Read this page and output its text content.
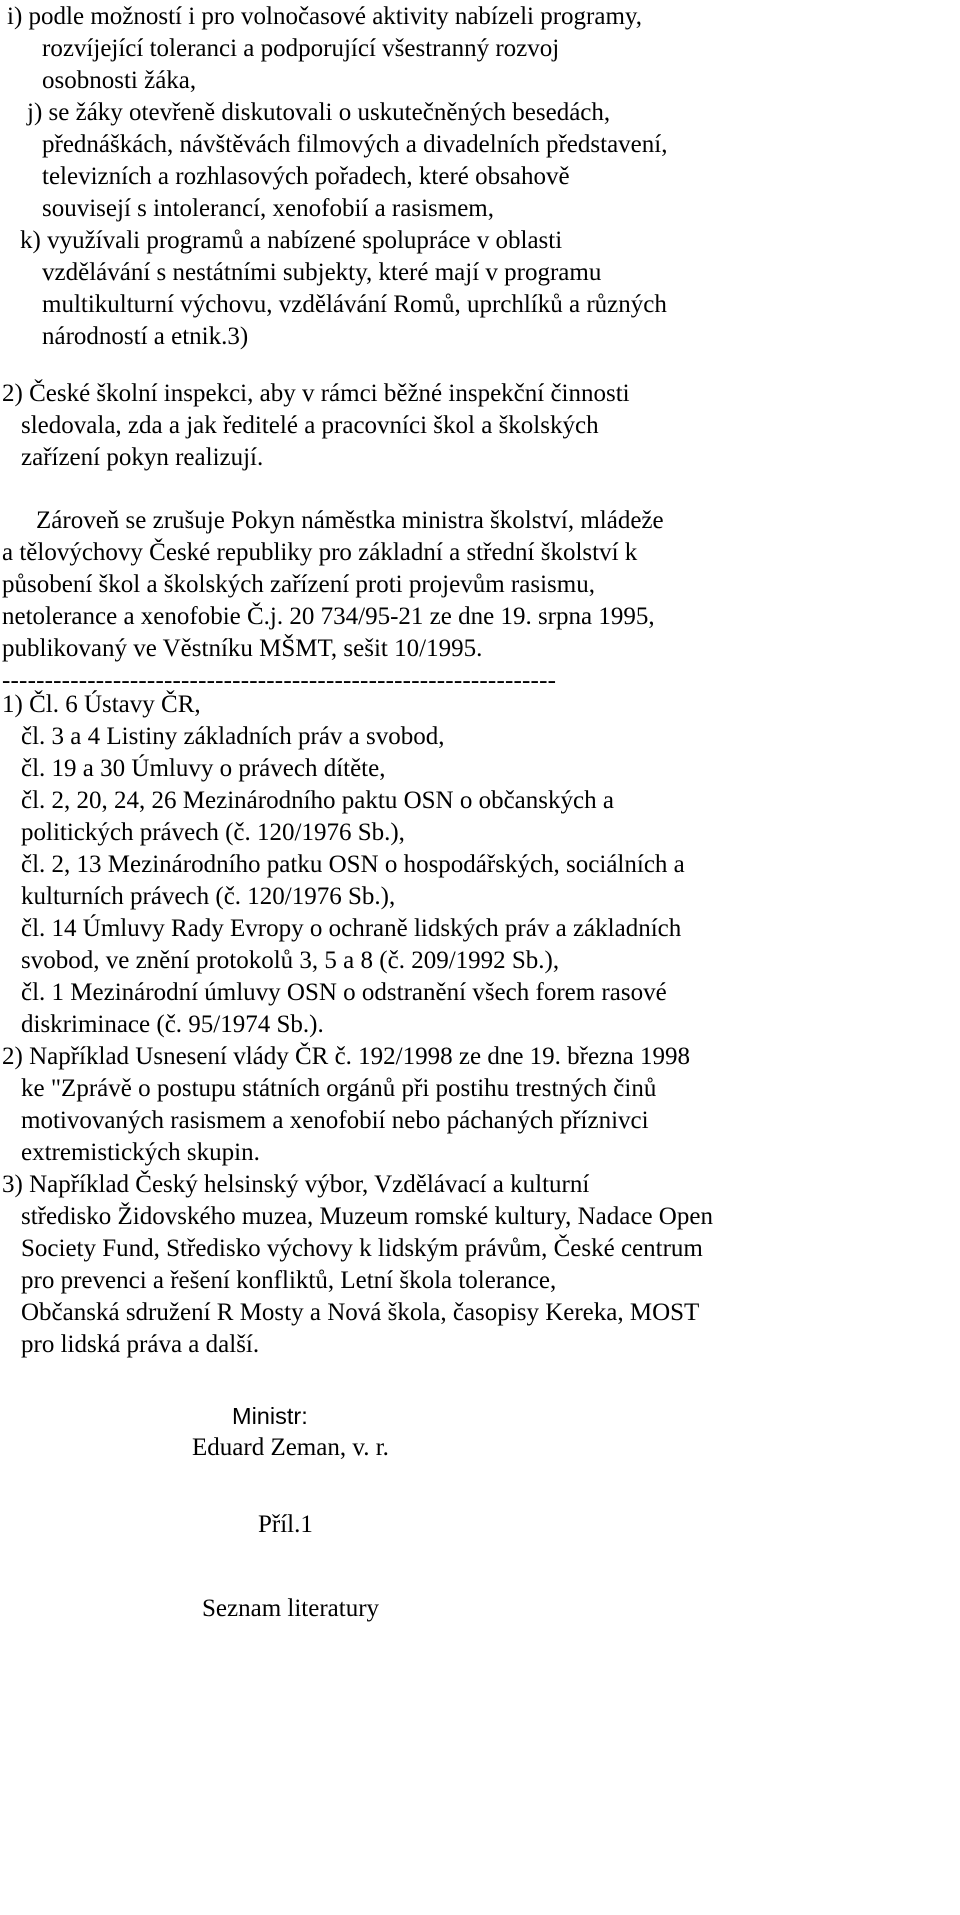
i) podle možností i pro volnočasové aktivity nabízeli programy,
rozvíjející toleranci a podporující všestranný rozvoj
osobnosti žáka,
j) se žáky otevřeně diskutovali o uskutečněných besedách,
přednáškách, návštěvách filmových a divadelních představení,
televizních a rozhlasových pořadech, které obsahově
souvisejí s intolerancí, xenofobií a rasismem,
k) využívali programů a nabízené spolupráce v oblasti
vzdělávání s nestátními subjekty, které mají v programu
multikulturní výchovu, vzdělávání Romů, uprchlíků a různých
národností a etnik.3)
2) České školní inspekci, aby v rámci běžné inspekční činnosti
sledovala, zda a jak ředitelé a pracovníci škol a školských
zařízení pokyn realizují.
Zároveň se zrušuje Pokyn náměstka ministra školství, mládeže
a tělovýchovy České republiky pro základní a střední školství k
působení škol a školských zařízení proti projevům rasismu,
netolerance a xenofobie Č.j. 20 734/95-21 ze dne 19. srpna 1995,
publikovaný ve Věstníku MŠMT, sešit 10/1995.
-----------------------------------------------------------------
1) Čl. 6 Ústavy ČR,
čl. 3 a 4 Listiny základních práv a svobod,
čl. 19 a 30 Úmluvy o právech dítěte,
čl. 2, 20, 24, 26 Mezinárodního paktu OSN o občanských a
politických právech (č. 120/1976 Sb.),
čl. 2, 13 Mezinárodního patku OSN o hospodářských, sociálních a
kulturních právech (č. 120/1976 Sb.),
čl. 14 Úmluvy Rady Evropy o ochraně lidských práv a základních
svobod, ve znění protokolů 3, 5 a 8 (č. 209/1992 Sb.),
čl. 1 Mezinárodní úmluvy OSN o odstranění všech forem rasové
diskriminace (č. 95/1974 Sb.).
2) Například Usnesení vlády ČR č. 192/1998 ze dne 19. března 1998
ke "Zprávě o postupu státních orgánů při postihu trestných činů
motivovaných rasismem a xenofobií nebo páchaných příznivci
extremistických skupin.
3) Například Český helsinský výbor, Vzdělávací a kulturní
středisko Židovského muzea, Muzeum romské kultury, Nadace Open
Society Fund, Středisko výchovy k lidským právům, České centrum
pro prevenci a řešení konfliktů, Letní škola tolerance,
Občanská sdružení R Mosty a Nová škola, časopisy Kereka, MOST
pro lidská práva a další.
Ministr:
Eduard Zeman, v. r.
Příl.1
Seznam literatury
